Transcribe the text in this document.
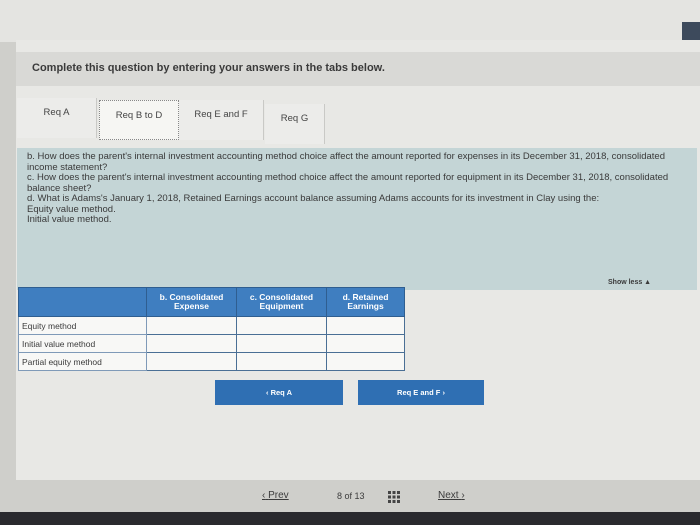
Complete this question by entering your answers in the tabs below.
Req A	Req B to D	Req E and F	Req G

b. How does the parent's internal investment accounting method choice affect the amount reported for expenses in its December 31, 2018, consolidated income statement?

c. How does the parent's internal investment accounting method choice affect the amount reported for equipment in its December 31, 2018, consolidated balance sheet?

d. What is Adams's January 1, 2018, Retained Earnings account balance assuming Adams accounts for its investment in Clay using the:

Equity value method.

Initial value method.

Show less ▲
	b. Consolidated Expense	c. Consolidated Equipment	d. Retained Earnings
Equity method			
Initial value method			
Partial equity method			
‹ Req A	Req E and F ›
‹ Prev	8 of 13	Next ›
